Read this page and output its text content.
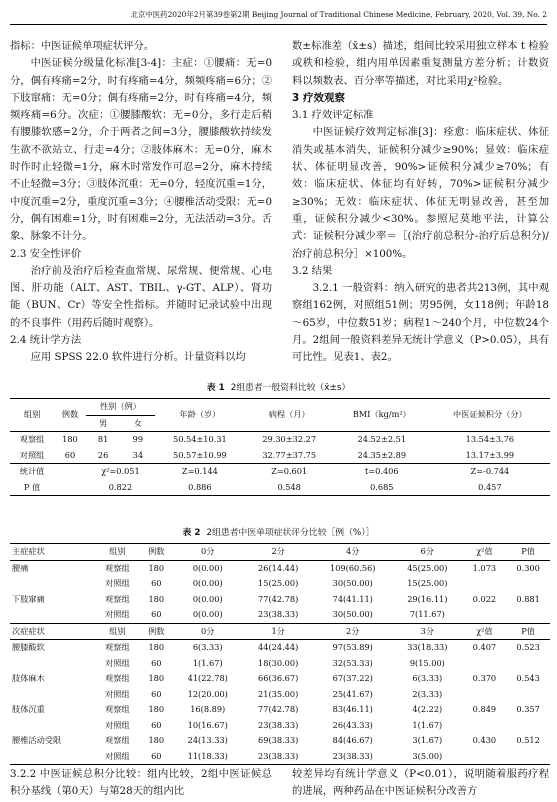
北京中医药2020年2月第39卷第2期 Beijing Journal of Traditional Chinese Medicine, February, 2020, Vol. 39, No. 2

指标：中医证候单项症状评分。

中医证候分级量化标准[3-4]：主症：①腰痛：无=0分，偶有疼痛=2分，时有疼痛=4分，频频疼痛=6分；②下肢窜痛：无=0分；偶有疼痛=2分，时有疼痛=4分，频频疼痛=6分。次症：①腰膝酸软：无=0分，多行走后稍有腰膝软感=2分，介于两者之间=3分，腰膝酸软持续发生欲不欲站立、行走=4分；②肢体麻木：无=0分，麻木时作时止轻微=1分，麻木时常发作可忍=2分，麻木持续不止轻微=3分；③肢体沉重：无=0分，轻度沉重=1分，中度沉重=2分，重度沉重=3分；④腰椎活动受限：无=0分，偶有困难=1分，时有困难=2分，无法活动=3分。舌象、脉象不计分。

2.3 安全性评价

治疗前及治疗后检查血常规、尿常规、便常规、心电图、肝功能（ALT、AST、TBIL、γ-GT、ALP）、肾功能（BUN、Cr）等安全性指标。并随时记录试验中出现的不良事件（用药后随时观察）。

2.4 统计学方法

应用 SPSS 22.0 软件进行分析。计量资料以均

数±标准差（x̄±s）描述，组间比较采用独立样本 t 检验或秩和检验，组内用单因素重复测量方差分析；计数资料以频数表、百分率等描述，对比采用χ²检验。

3 疗效观察

3.1 疗效评定标准

中医证候疗效判定标准[3]：痊愈：临床症状、体征消失或基本消失，证候积分减少≥90%；显效：临床症状、体征明显改善，90%>证候积分减少≥70%；有效：临床症状、体征均有好转，70%>证候积分减少≥30%；无效：临床症状、体征无明显改善，甚至加重，证候积分减少<30%。参照尼莫地平法，计算公式：证候积分减少率＝［(治疗前总积分-治疗后总积分)/治疗前总积分］×100%。

3.2 结果

3.2.1 一般资料：纳入研究的患者共213例，其中观察组162例，对照组51例；男95例，女118例；年龄18～65岁，中位数51岁；病程1～240个月，中位数24个月。2组间一般资料差异无统计学意义（P>0.05），具有可比性。见表1、表2。

表 1 2组患者一般资料比较（x̄±s）
组别	例数	性别（例）		年龄（岁）	病程（月）	BMI（kg/m²）	中医证候积分（分）
		男	女				
观察组	180	81	99	50.54±10.31	29.30±32.27	24.52±2.51	13.54±3.76
对照组	60	26	34	50.57±10.99	32.77±37.75	24.35±2.89	13.17±3.99
统计值		χ²=0.051		Z=0.144	Z=0.601	t=0.406	Z=-0.744
P 值		0.822		0.886	0.548	0.685	0.457
表 2 2组患者中医单项症状评分比较［例（%）］
主症症状	组别	例数	0分	2分	4分	6分	χ²值	P值
腰痛	观察组	180	0(0.00)	26(14.44)	109(60.56)	45(25.00)	1.073	0.300
	对照组	60	0(0.00)	15(25.00)	30(50.00)	15(25.00)		
下肢窜痛	观察组	180	0(0.00)	77(42.78)	74(41.11)	29(16.11)	0.022	0.881
	对照组	60	0(0.00)	23(38.33)	30(50.00)	7(11.67)		
次症症状	组别	例数	0分	1分	2分	3分	χ²值	P值
腰膝酸软	观察组	180	6(3.33)	44(24.44)	97(53.89)	33(18.33)	0.407	0.523
	对照组	60	1(1.67)	18(30.00)	32(53.33)	9(15.00)		
肢体麻木	观察组	180	41(22.78)	66(36.67)	67(37.22)	6(3.33)	0.370	0.543
	对照组	60	12(20.00)	21(35.00)	25(41.67)	2(3.33)		
肢体沉重	观察组	180	16(8.89)	77(42.78)	83(46.11)	4(2.22)	0.849	0.357
	对照组	60	10(16.67)	23(38.33)	26(43.33)	1(1.67)		
腰椎活动受限	观察组	180	24(13.33)	69(38.33)	84(46.67)	3(1.67)	0.430	0.512
	对照组	60	11(18.33)	23(38.33)	23(38.33)	3(5.00)		
3.2.2 中医证候总积分比较：组内比较，2组中医证候总积分基线（第0天）与第28天的组内比
较差异均有统计学意义（P<0.01），说明随着服药疗程的进展，两种药品在中医证候积分改善方
